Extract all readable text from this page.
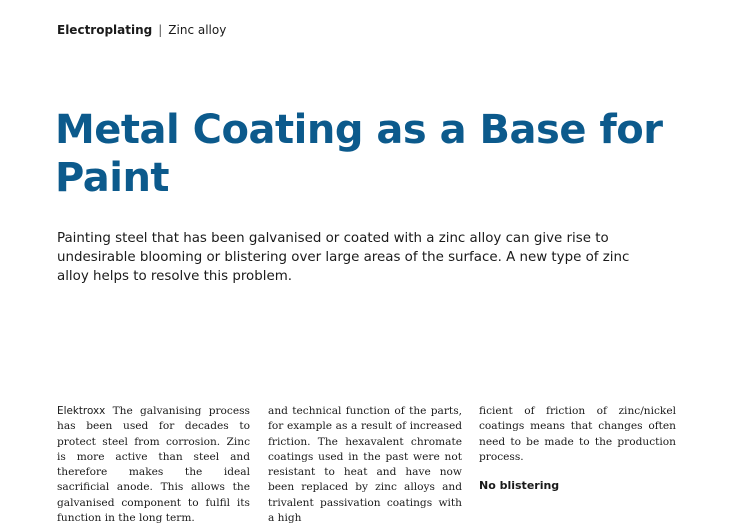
Electroplating | Zinc alloy
Metal Coating as a Base for Paint

Painting steel that has been galvanised or coated with a zinc alloy can give rise to undesirable blooming or blistering over large areas of the surface. A new type of zinc alloy helps to resolve this problem.

Elektroxx The galvanising process has been used for decades to protect steel from corrosion. Zinc is more active than steel and therefore makes the ideal sacrificial anode. This allows the galvanised component to fulfil its function in the long term.

and technical function of the parts, for example as a result of increased friction. The hexavalent chromate coatings used in the past were not resistant to heat and have now been replaced by zinc alloys and trivalent passivation coatings with a high

ficient of friction of zinc/nickel coatings means that changes often need to be made to the production process.

No blistering
